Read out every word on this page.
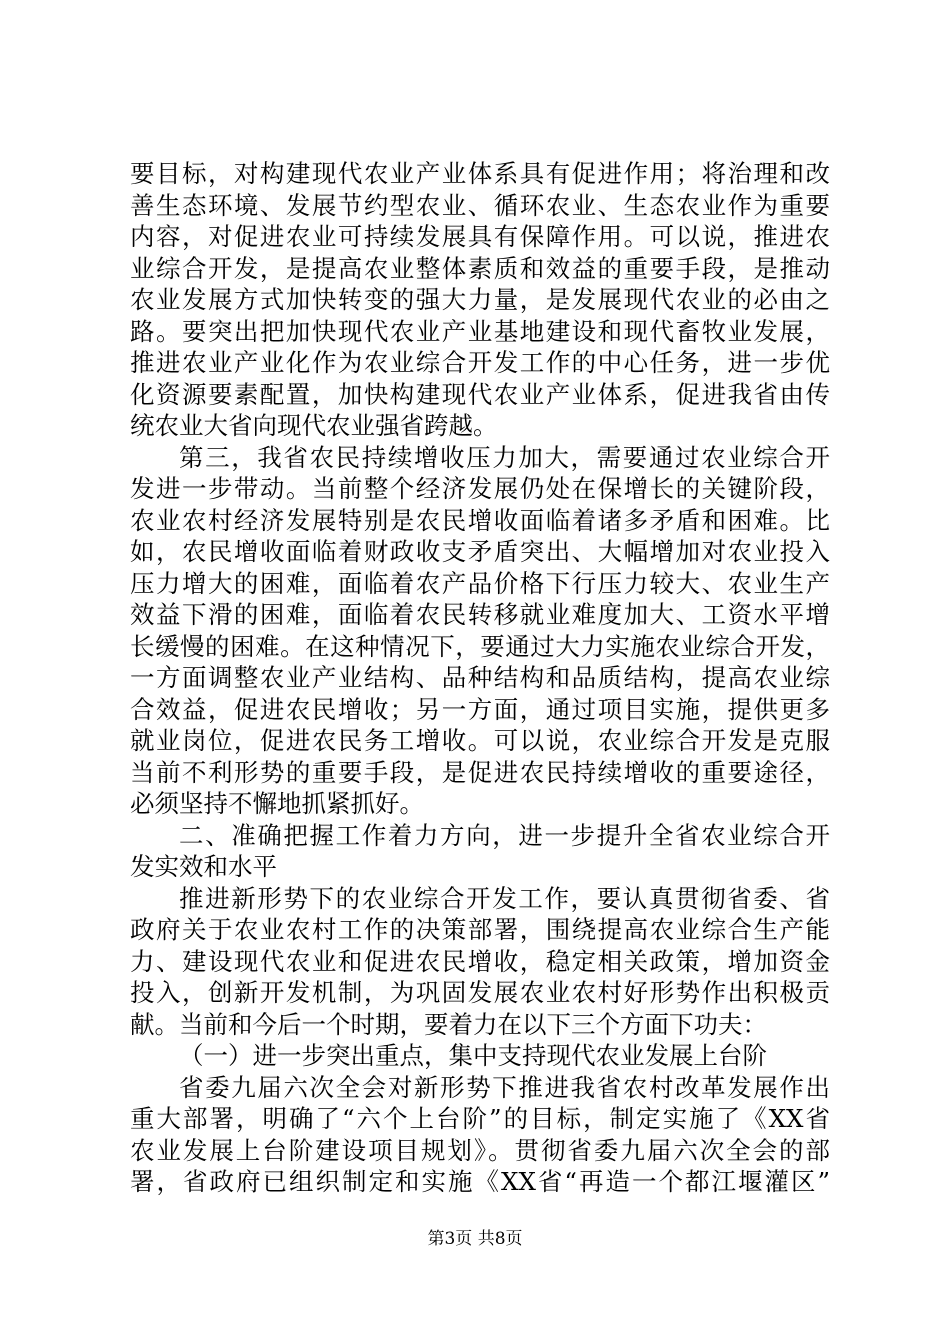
要目标，对构建现代农业产业体系具有促进作用；将治理和改
善生态环境、发展节约型农业、循环农业、生态农业作为重要
内容，对促进农业可持续发展具有保障作用。可以说，推进农
业综合开发，是提高农业整体素质和效益的重要手段，是推动
农业发展方式加快转变的强大力量，是发展现代农业的必由之
路。要突出把加快现代农业产业基地建设和现代畜牧业发展，
推进农业产业化作为农业综合开发工作的中心任务，进一步优
化资源要素配置，加快构建现代农业产业体系，促进我省由传
统农业大省向现代农业强省跨越。
第三，我省农民持续增收压力加大，需要通过农业综合开
发进一步带动。当前整个经济发展仍处在保增长的关键阶段，
农业农村经济发展特别是农民增收面临着诸多矛盾和困难。比
如，农民增收面临着财政收支矛盾突出、大幅增加对农业投入
压力增大的困难，面临着农产品价格下行压力较大、农业生产
效益下滑的困难，面临着农民转移就业难度加大、工资水平增
长缓慢的困难。在这种情况下，要通过大力实施农业综合开发，
一方面调整农业产业结构、品种结构和品质结构，提高农业综
合效益，促进农民增收；另一方面，通过项目实施，提供更多
就业岗位，促进农民务工增收。可以说，农业综合开发是克服
当前不利形势的重要手段，是促进农民持续增收的重要途径，
必须坚持不懈地抓紧抓好。
二、准确把握工作着力方向，进一步提升全省农业综合开
发实效和水平
推进新形势下的农业综合开发工作，要认真贯彻省委、省
政府关于农业农村工作的决策部署，围绕提高农业综合生产能
力、建设现代农业和促进农民增收，稳定相关政策，增加资金
投入，创新开发机制，为巩固发展农业农村好形势作出积极贡
献。当前和今后一个时期，要着力在以下三个方面下功夫：
（一）进一步突出重点，集中支持现代农业发展上台阶
省委九届六次全会对新形势下推进我省农村改革发展作出
重大部署，明确了“六个上台阶”的目标，制定实施了《XX省
农业发展上台阶建设项目规划》。贯彻省委九届六次全会的部
署，省政府已组织制定和实施《XX省“再造一个都江堰灌区”
第3页 共8页
